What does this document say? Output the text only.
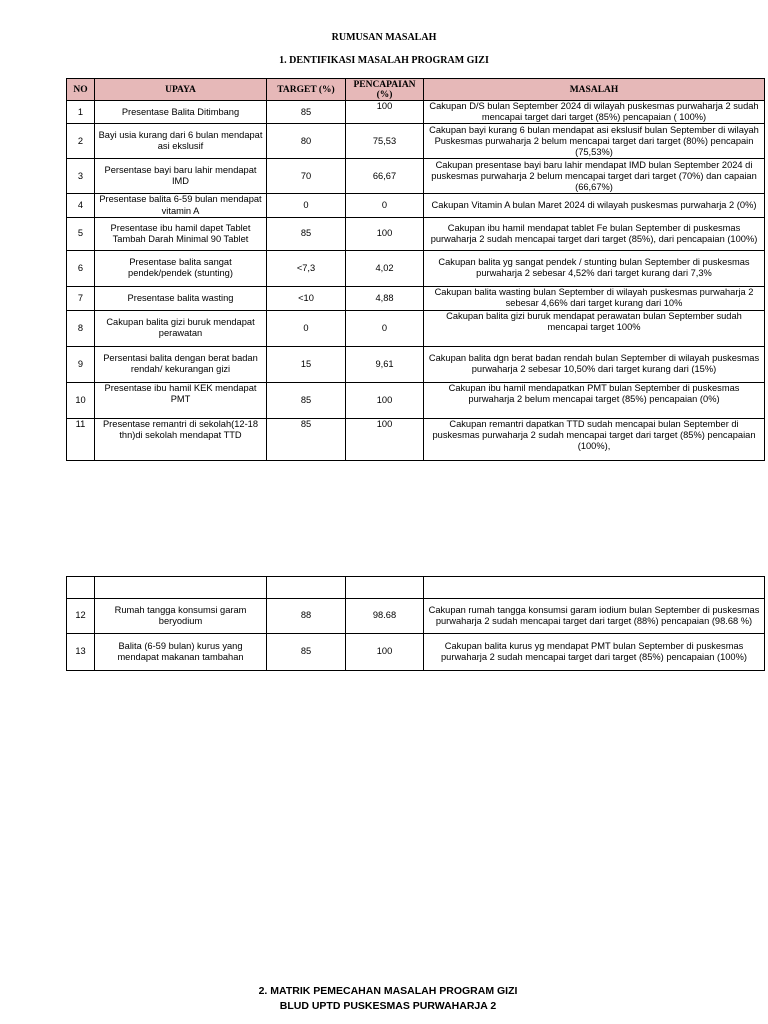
RUMUSAN MASALAH
1. DENTIFIKASI MASALAH PROGRAM GIZI
NO	UPAYA	TARGET (%)	PENCAPAIAN (%)	MASALAH
1	Presentase Balita Ditimbang	85	100	Cakupan D/S bulan September 2024 di wilayah puskesmas purwaharja 2 sudah mencapai target dari target (85%) pencapaian ( 100%)
2	Bayi usia kurang dari 6 bulan mendapat asi ekslusif	80	75,53	Cakupan bayi kurang 6 bulan mendapat asi ekslusif bulan September di wilayah Puskesmas purwaharja 2 belum mencapai target dari target (80%) pencapain (75,53%)
3	Persentase bayi baru lahir mendapat IMD	70	66,67	Cakupan presentase bayi baru lahir mendapat IMD bulan September 2024 di puskesmas purwaharja 2 belum mencapai target dari target (70%) dan capaian (66,67%)
4	Presentase balita 6-59 bulan mendapat vitamin A	0	0	Cakupan Vitamin A bulan Maret 2024 di wilayah puskesmas purwaharja 2 (0%)
5	Presentase ibu hamil dapet Tablet Tambah Darah Minimal 90 Tablet	85	100	Cakupan ibu hamil mendapat tablet Fe bulan September di puskesmas purwaharja 2 sudah mencapai target dari target (85%), dari pencapaian (100%)
6	Presentase balita sangat pendek/pendek (stunting)	<7,3	4,02	Cakupan balita yg sangat pendek / stunting bulan September di puskesmas purwaharja 2 sebesar 4,52% dari target kurang dari 7,3%
7	Presentase balita wasting	<10	4,88	Cakupan balita wasting bulan September di wilayah puskesmas purwaharja 2 sebesar 4,66% dari target kurang dari 10%
8	Cakupan balita gizi buruk mendapat perawatan	0	0	Cakupan balita gizi buruk mendapat perawatan bulan September sudah mencapai target 100%
9	Persentasi balita dengan berat badan rendah/ kekurangan gizi	15	9,61	Cakupan balita dgn berat badan rendah bulan September di wilayah puskesmas purwaharja 2 sebesar 10,50% dari target kurang dari (15%)
10	Presentase ibu hamil KEK mendapat PMT	85	100	Cakupan ibu hamil mendapatkan PMT bulan September di puskesmas purwaharja 2 belum mencapai target (85%) pencapaian (0%)
11	Presentase remantri di sekolah(12-18 thn)di sekolah mendapat TTD	85	100	Cakupan remantri dapatkan TTD sudah mencapai bulan September di puskesmas purwaharja 2 sudah mencapai target dari target (85%) pencapaian (100%),

12	Rumah tangga konsumsi garam beryodium	88	98.68	Cakupan rumah tangga konsumsi garam iodium bulan September di puskesmas purwaharja 2 sudah mencapai target dari target (88%) pencapaian (98.68 %)
13	Balita (6-59 bulan) kurus yang mendapat makanan tambahan	85	100	Cakupan balita kurus yg mendapat PMT bulan September di puskesmas purwaharja 2 sudah mencapai target dari target (85%) pencapaian (100%)
2. MATRIK PEMECAHAN MASALAH PROGRAM GIZI
BLUD UPTD PUSKESMAS PURWAHARJA 2
